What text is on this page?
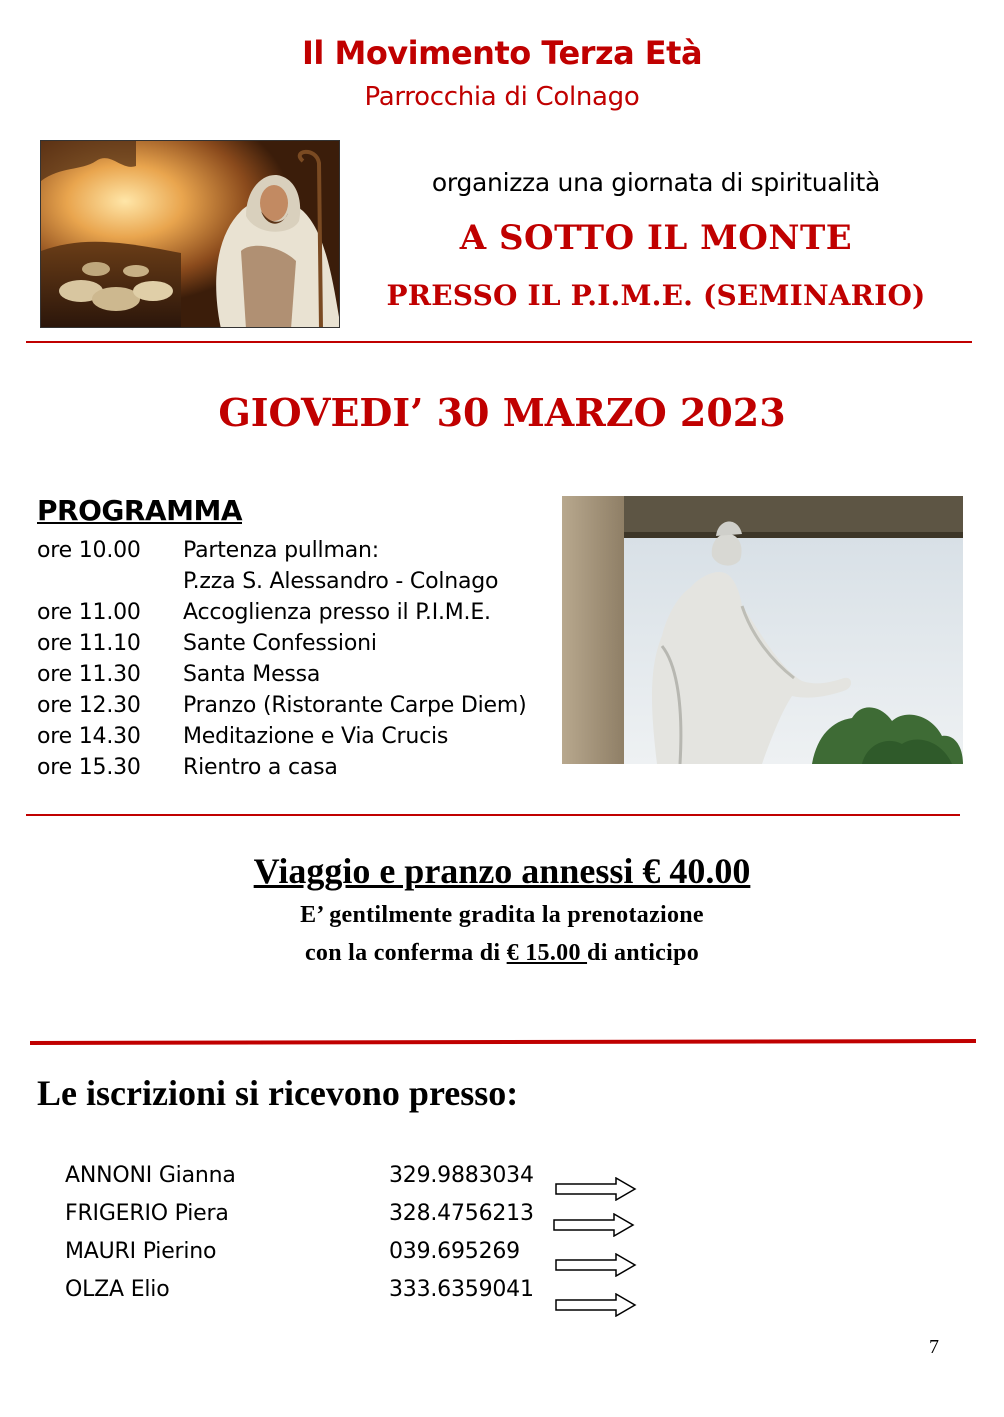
Il Movimento Terza Età
Parrocchia di Colnago
organizza una giornata di spiritualità
A SOTTO IL MONTE
PRESSO IL P.I.M.E. (SEMINARIO)
GIOVEDI’ 30 MARZO 2023
PROGRAMMA
ore 10.00 Partenza pullman:
P.zza S. Alessandro - Colnago
ore 11.00 Accoglienza presso il P.I.M.E.
ore 11.10 Sante Confessioni
ore 11.30 Santa Messa
ore 12.30 Pranzo (Ristorante Carpe Diem)
ore 14.30 Meditazione e Via Crucis
ore 15.30 Rientro a casa
Viaggio e pranzo annessi € 40.00
E’ gentilmente gradita la prenotazione
con la conferma di € 15.00 di anticipo
Le iscrizioni si ricevono presso:
ANNONI Gianna	329.9883034
FRIGERIO Piera	328.4756213
MAURI Pierino	039.695269
OLZA Elio	333.6359041
7
